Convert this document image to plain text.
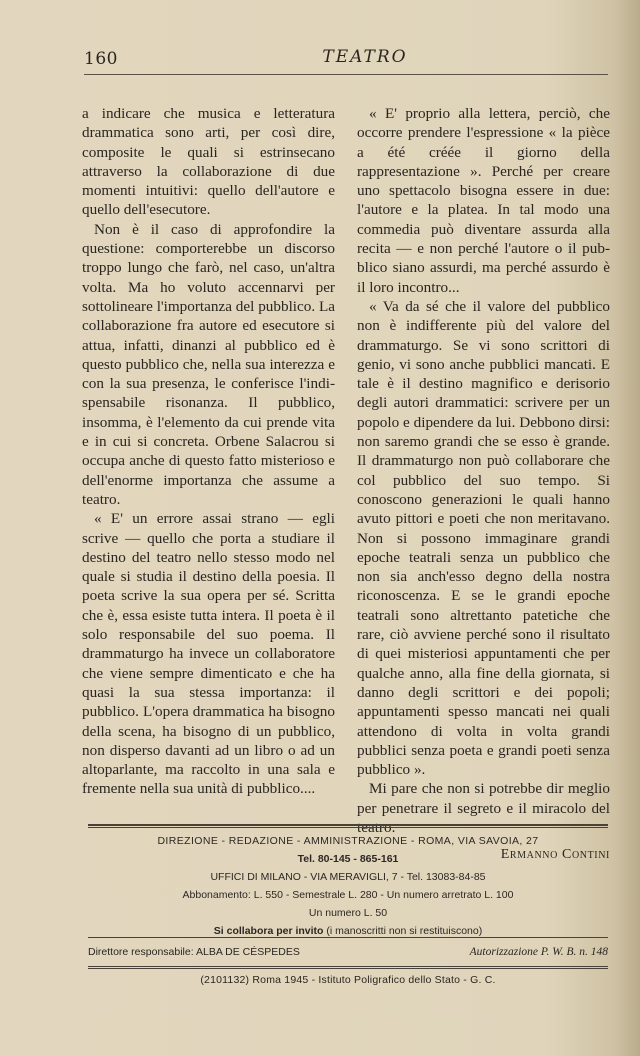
160	TEATRO

a indicare che musica e letteratura drammatica sono arti, per così dire, composite le quali si estrinsecano attraverso la collaborazione di due momenti intuitivi: quello dell'autore e quello dell'esecutore.

Non è il caso di approfondire la questione: comporterebbe un discorso troppo lungo che farò, nel caso, un'altra volta. Ma ho voluto accennarvi per sottolineare l'importanza del pubblico. La collaborazione fra autore ed esecutore si attua, infatti, dinanzi al pubblico ed è questo pubblico che, nella sua interezza e con la sua presenza, le conferisce l'indispensabile risonanza. Il pubblico, insomma, è l'elemento da cui prende vita e in cui si concreta. Orbene Salacrou si occupa anche di questo fatto misterioso e dell'enorme importanza che assume a teatro.

« E' un errore assai strano — egli scrive — quello che porta a studiare il destino del teatro nello stesso modo nel quale si studia il destino della poesia. Il poeta scrive la sua opera per sé. Scritta che è, essa esiste tutta intera. Il poeta è il solo responsabile del suo poema. Il drammaturgo ha invece un collaboratore che viene sempre dimenticato e che ha quasi la sua stessa importanza: il pubblico. L'opera drammatica ha bisogno della scena, ha bisogno di un pubblico, non disperso davanti ad un libro o ad un altoparlante, ma raccolto in una sala e fremente nella sua unità di pubblico....

« E' proprio alla lettera, perciò, che occorre prendere l'espressione « la pièce a été créée il giorno della rappresentazione ». Perché per creare uno spettacolo bisogna essere in due: l'autore e la platea. In tal modo una commedia può diventare assurda alla recita — e non perché l'autore o il pubblico siano assurdi, ma perché assurdo è il loro incontro...

« Va da sé che il valore del pubblico non è indifferente più del valore del drammaturgo. Se vi sono scrittori di genio, vi sono anche pubblici mancati. E tale è il destino magnifico e derisorio degli autori drammatici: scrivere per un popolo e dipendere da lui. Debbono dirsi: non saremo grandi che se esso è grande. Il drammaturgo non può collaborare che col pubblico del suo tempo. Si conoscono generazioni le quali hanno avuto pittori e poeti che non meritavano. Non si possono immaginare grandi epoche teatrali senza un pubblico che non sia anch'esso degno della nostra riconoscenza. E se le grandi epoche teatrali sono altrettanto patetiche che rare, ciò avviene perché sono il risultato di quei misteriosi appuntamenti che per qualche anno, alla fine della giornata, si danno degli scrittori e dei popoli; appuntamenti spesso mancati nei quali attendono di volta in volta grandi pubblici senza poeta e grandi poeti senza pubblico ».

Mi pare che non si potrebbe dir meglio per penetrare il segreto e il miracolo del teatro.

Ermanno Contini
DIREZIONE - REDAZIONE - AMMINISTRAZIONE - ROMA, VIA SAVOIA, 27
Tel. 80-145 - 865-161
UFFICI DI MILANO - VIA MERAVIGLI, 7 - Tel. 13083-84-85
Abbonamento: L. 550 - Semestrale L. 280 - Un numero arretrato L. 100
Un numero L. 50
Si collabora per invito (i manoscritti non si restituiscono)
Direttore responsabile: ALBA DE CÉSPEDES	Autorizzazione P. W. B. n. 148
(2101132) Roma 1945 - Istituto Poligrafico dello Stato - G. C.
